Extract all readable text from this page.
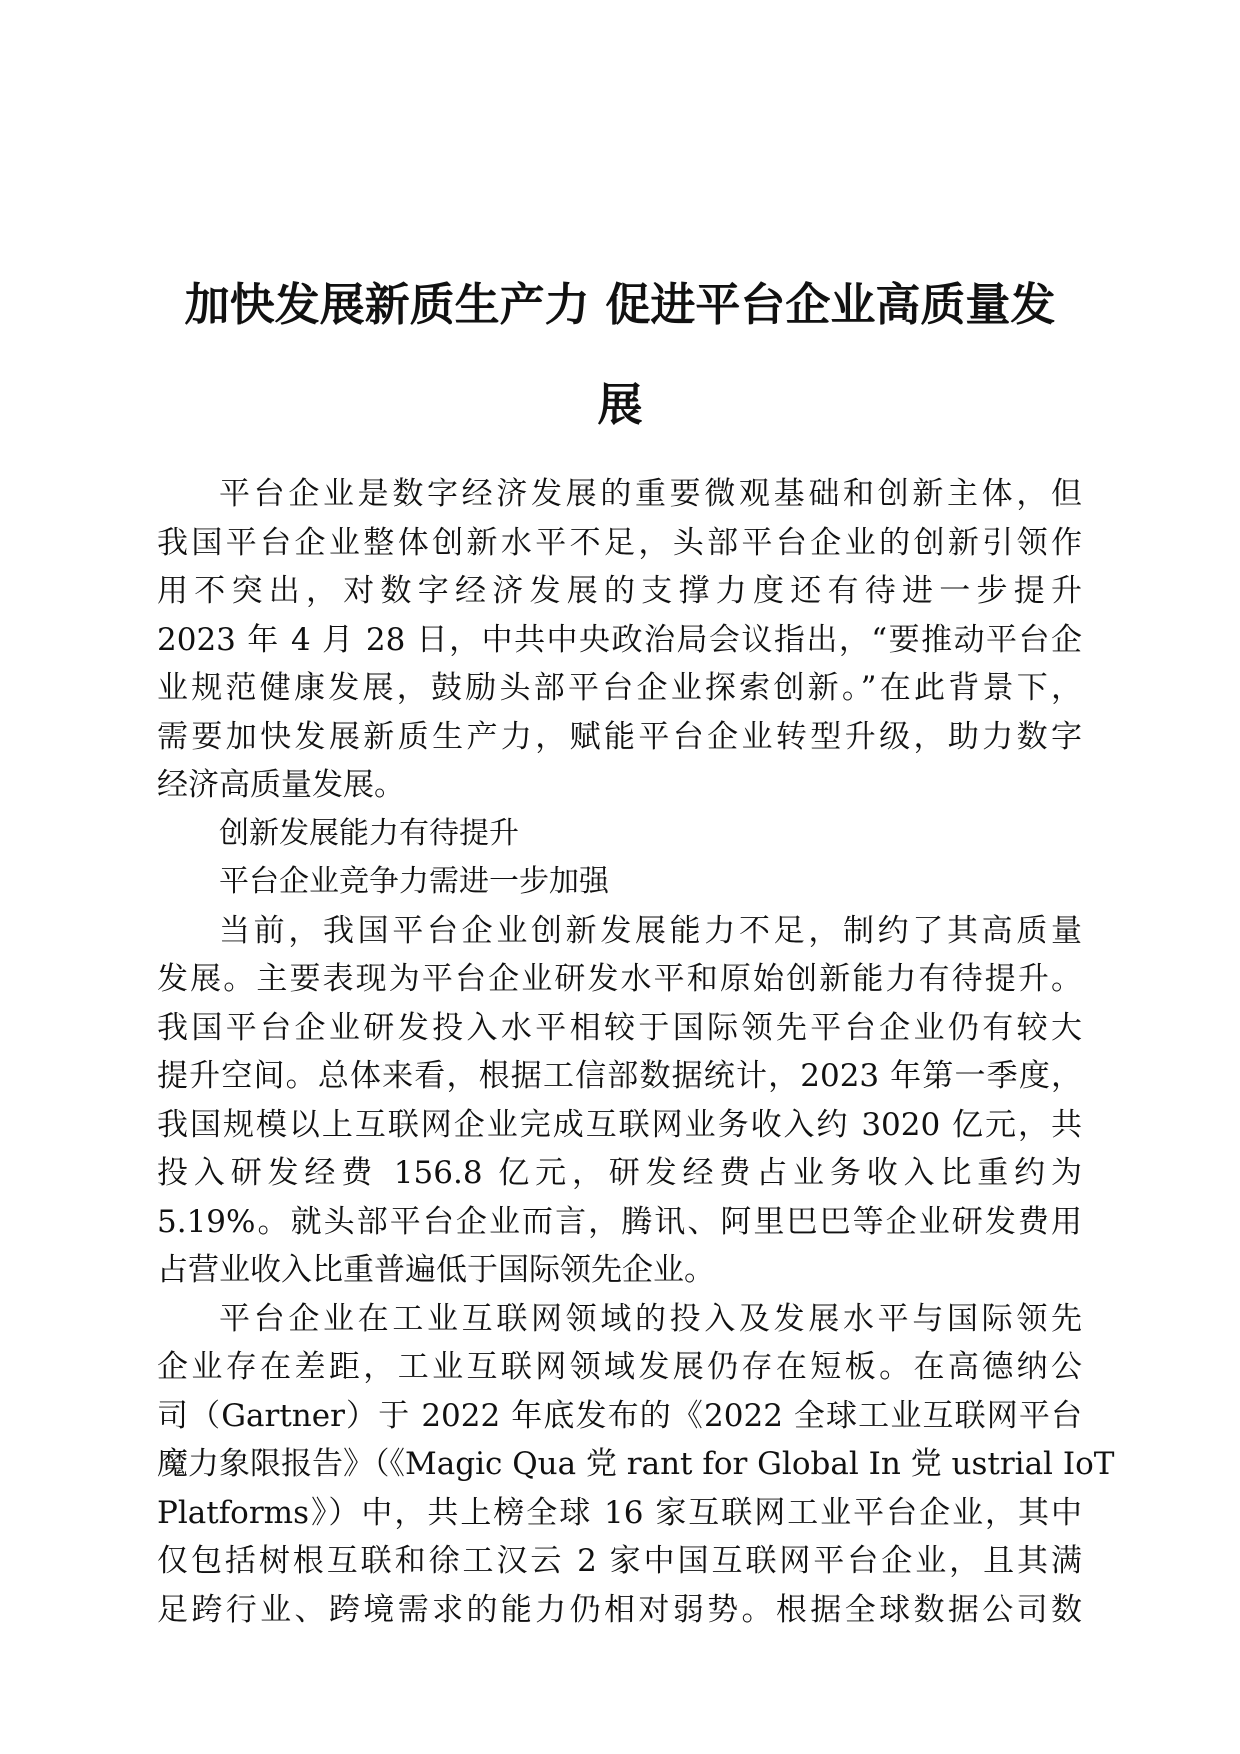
加快发展新质生产力 促进平台企业高质量发
展
平台企业是数字经济发展的重要微观基础和创新主体，但
我国平台企业整体创新水平不足，头部平台企业的创新引领作
用不突出，对数字经济发展的支撑力度还有待进一步提升
2023 年 4 月 28 日，中共中央政治局会议指出，“要推动平台企
业规范健康发展，鼓励头部平台企业探索创新。”在此背景下，
需要加快发展新质生产力，赋能平台企业转型升级，助力数字
经济高质量发展。
创新发展能力有待提升
平台企业竞争力需进一步加强
当前，我国平台企业创新发展能力不足，制约了其高质量
发展。主要表现为平台企业研发水平和原始创新能力有待提升。
我国平台企业研发投入水平相较于国际领先平台企业仍有较大
提升空间。总体来看，根据工信部数据统计，2023 年第一季度，
我国规模以上互联网企业完成互联网业务收入约 3020 亿元，共
投入研发经费 156.8 亿元，研发经费占业务收入比重约为
5.19%。就头部平台企业而言，腾讯、阿里巴巴等企业研发费用
占营业收入比重普遍低于国际领先企业。
平台企业在工业互联网领域的投入及发展水平与国际领先
企业存在差距，工业互联网领域发展仍存在短板。在高德纳公
司（Gartner）于 2022 年底发布的《2022 全球工业互联网平台
魔力象限报告》（《Magic Qua 党 rant for Global In 党 ustrial IoT
Platforms》）中，共上榜全球 16 家互联网工业平台企业，其中
仅包括树根互联和徐工汉云 2 家中国互联网平台企业，且其满
足跨行业、跨境需求的能力仍相对弱势。根据全球数据公司数
